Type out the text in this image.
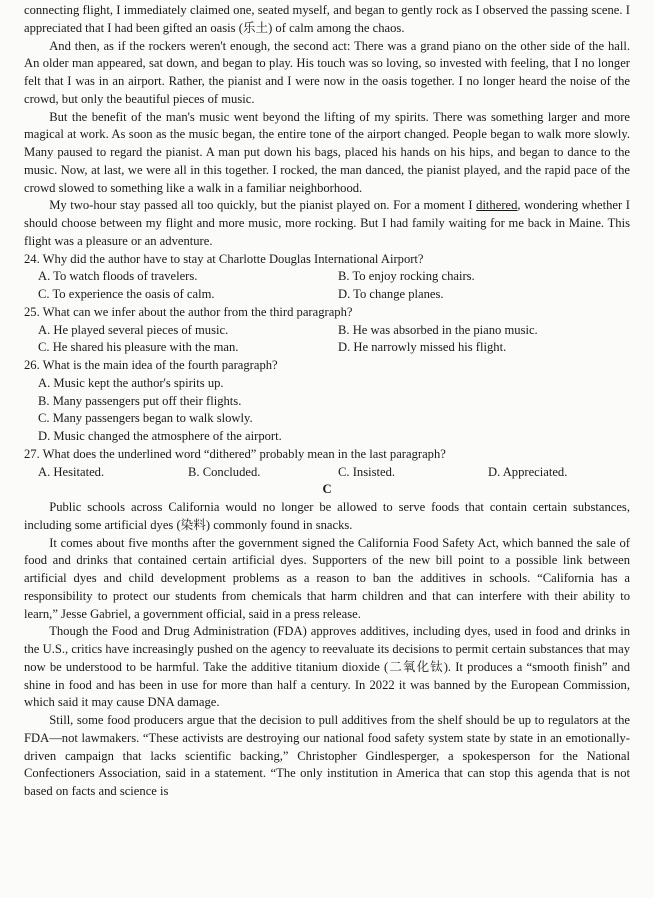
connecting flight, I immediately claimed one, seated myself, and began to gently rock as I observed the passing scene. I appreciated that I had been gifted an oasis (乐土) of calm among the chaos.

And then, as if the rockers weren't enough, the second act: There was a grand piano on the other side of the hall. An older man appeared, sat down, and began to play. His touch was so loving, so invested with feeling, that I no longer felt that I was in an airport. Rather, the pianist and I were now in the oasis together. I no longer heard the noise of the crowd, but only the beautiful pieces of music.

But the benefit of the man's music went beyond the lifting of my spirits. There was something larger and more magical at work. As soon as the music began, the entire tone of the airport changed. People began to walk more slowly. Many paused to regard the pianist. A man put down his bags, placed his hands on his hips, and began to dance to the music. Now, at last, we were all in this together. I rocked, the man danced, the pianist played, and the rapid pace of the crowd slowed to something like a walk in a familiar neighborhood.

My two-hour stay passed all too quickly, but the pianist played on. For a moment I dithered, wondering whether I should choose between my flight and more music, more rocking. But I had family waiting for me back in Maine. This flight was a pleasure or an adventure.

24. Why did the author have to stay at Charlotte Douglas International Airport?

A. To watch floods of travelers.	B. To enjoy rocking chairs.
C. To experience the oasis of calm.	D. To change planes.

25. What can we infer about the author from the third paragraph?

A. He played several pieces of music.	B. He was absorbed in the piano music.
C. He shared his pleasure with the man.	D. He narrowly missed his flight.

26. What is the main idea of the fourth paragraph?

A. Music kept the author's spirits up.
B. Many passengers put off their flights.
C. Many passengers began to walk slowly.
D. Music changed the atmosphere of the airport.

27. What does the underlined word “dithered” probably mean in the last paragraph?

A. Hesitated.	B. Concluded.	C. Insisted.	D. Appreciated.

C

Public schools across California would no longer be allowed to serve foods that contain certain substances, including some artificial dyes (染料) commonly found in snacks.

It comes about five months after the government signed the California Food Safety Act, which banned the sale of food and drinks that contained certain artificial dyes. Supporters of the new bill point to a possible link between artificial dyes and child development problems as a reason to ban the additives in schools. “California has a responsibility to protect our students from chemicals that harm children and that can interfere with their ability to learn,” Jesse Gabriel, a government official, said in a press release.

Though the Food and Drug Administration (FDA) approves additives, including dyes, used in food and drinks in the U.S., critics have increasingly pushed on the agency to reevaluate its decisions to permit certain substances that may now be understood to be harmful. Take the additive titanium dioxide (二氧化钛). It produces a “smooth finish” and shine in food and has been in use for more than half a century. In 2022 it was banned by the European Commission, which said it may cause DNA damage.

Still, some food producers argue that the decision to pull additives from the shelf should be up to regulators at the FDA—not lawmakers. “These activists are destroying our national food safety system state by state in an emotionally-driven campaign that lacks scientific backing,” Christopher Gindlesperger, a spokesperson for the National Confectioners Association, said in a statement. “The only institution in America that can stop this agenda that is not based on facts and science is
